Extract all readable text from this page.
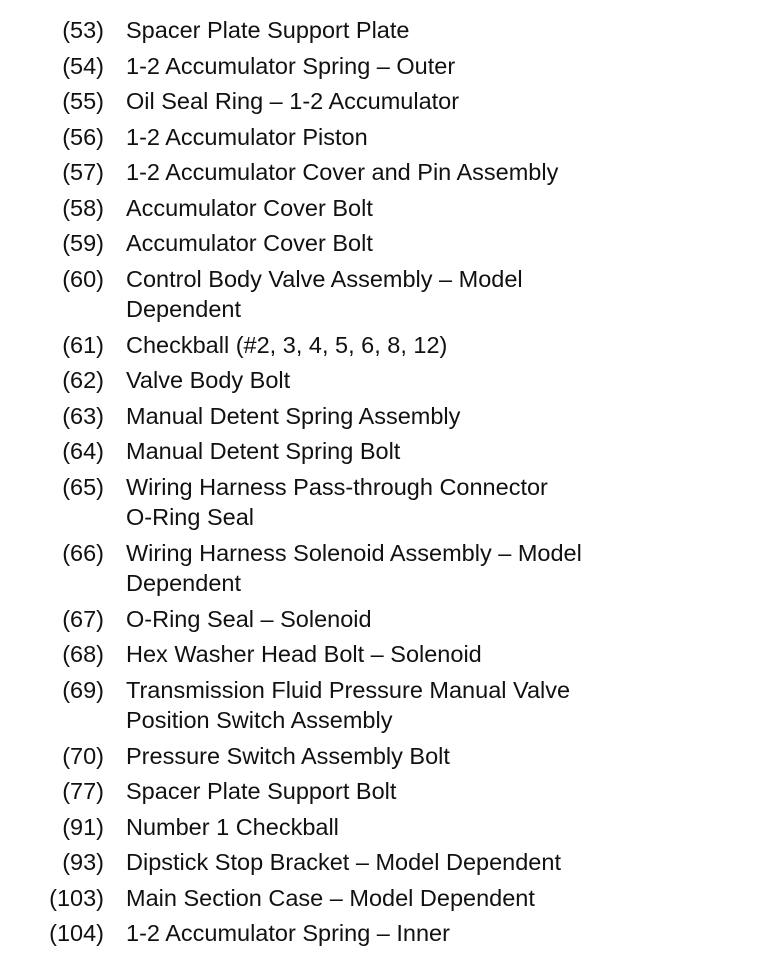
(53) Spacer Plate Support Plate
(54) 1-2 Accumulator Spring – Outer
(55) Oil Seal Ring – 1-2 Accumulator
(56) 1-2 Accumulator Piston
(57) 1-2 Accumulator Cover and Pin Assembly
(58) Accumulator Cover Bolt
(59) Accumulator Cover Bolt
(60) Control Body Valve Assembly – Model
Dependent
(61) Checkball (#2, 3, 4, 5, 6, 8, 12)
(62) Valve Body Bolt
(63) Manual Detent Spring Assembly
(64) Manual Detent Spring Bolt
(65) Wiring Harness Pass-through Connector
O-Ring Seal
(66) Wiring Harness Solenoid Assembly – Model
Dependent
(67) O-Ring Seal – Solenoid
(68) Hex Washer Head Bolt – Solenoid
(69) Transmission Fluid Pressure Manual Valve
Position Switch Assembly
(70) Pressure Switch Assembly Bolt
(77) Spacer Plate Support Bolt
(91) Number 1 Checkball
(93) Dipstick Stop Bracket – Model Dependent
(103) Main Section Case – Model Dependent
(104) 1-2 Accumulator Spring – Inner
